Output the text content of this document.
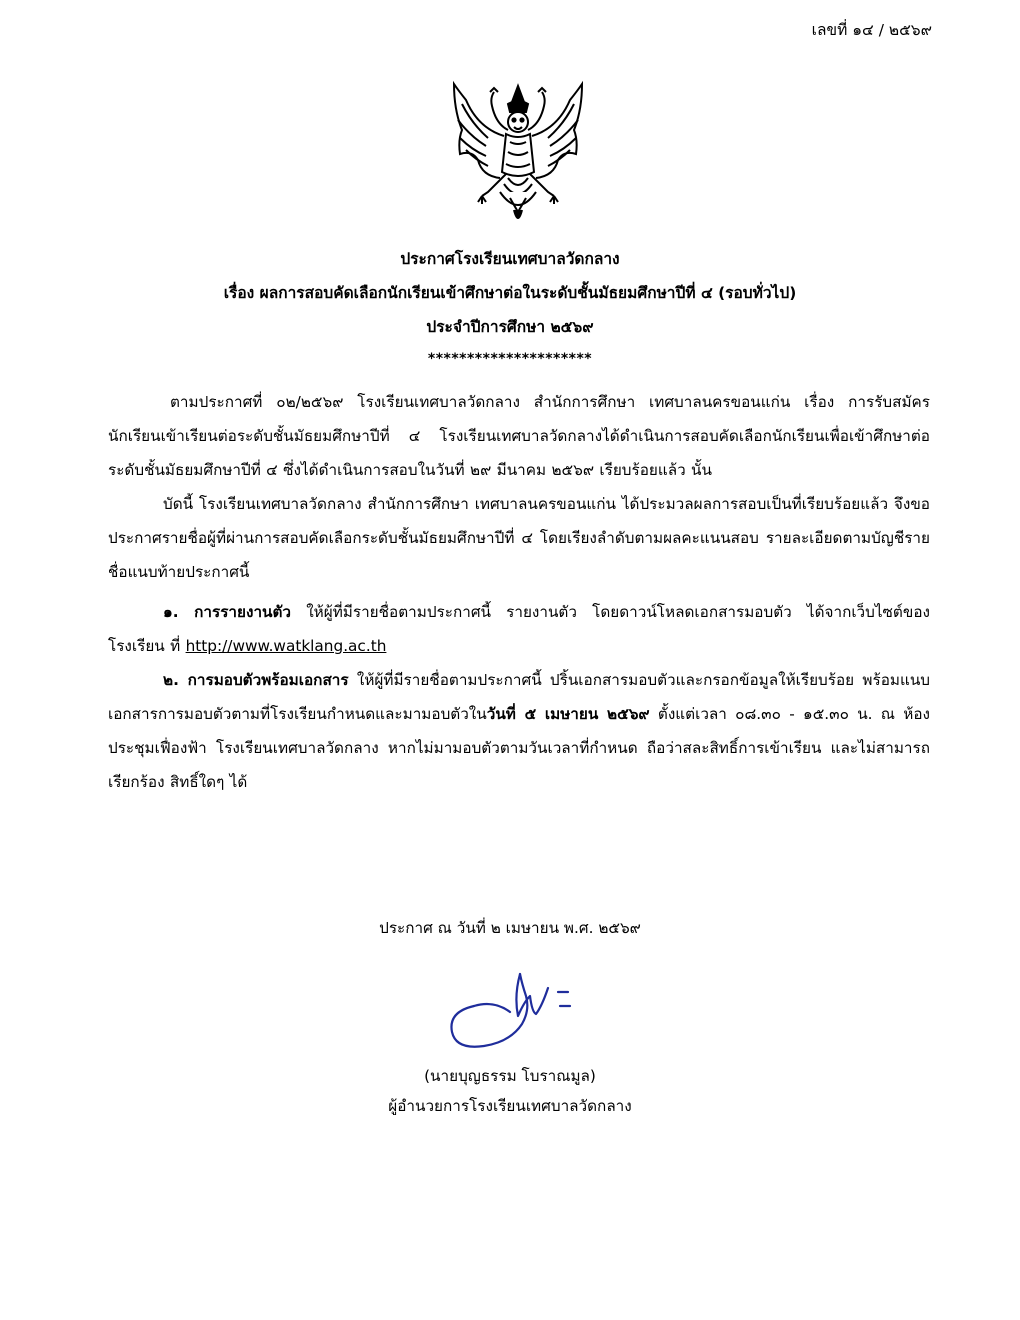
เลขที่ ๑๔ / ๒๕๖๙
ประกาศโรงเรียนเทศบาลวัดกลาง
เรื่อง ผลการสอบคัดเลือกนักเรียนเข้าศึกษาต่อในระดับชั้นมัธยมศึกษาปีที่ ๔ (รอบทั่วไป)
ประจำปีการศึกษา ๒๕๖๙
*********************

ตามประกาศที่ ๐๒/๒๕๖๙ โรงเรียนเทศบาลวัดกลาง สำนักการศึกษา เทศบาลนครขอนแก่น เรื่อง การรับสมัครนักเรียนเข้าเรียนต่อระดับชั้นมัธยมศึกษาปีที่ ๔ โรงเรียนเทศบาลวัดกลางได้ดำเนินการสอบคัดเลือกนักเรียนเพื่อเข้าศึกษาต่อระดับชั้นมัธยมศึกษาปีที่ ๔ ซึ่งได้ดำเนินการสอบในวันที่ ๒๙ มีนาคม ๒๕๖๙ เรียบร้อยแล้ว นั้น

บัดนี้ โรงเรียนเทศบาลวัดกลาง สำนักการศึกษา เทศบาลนครขอนแก่น ได้ประมวลผลการสอบเป็นที่เรียบร้อยแล้ว จึงขอประกาศรายชื่อผู้ที่ผ่านการสอบคัดเลือกระดับชั้นมัธยมศึกษาปีที่ ๔ โดยเรียงลำดับตามผลคะแนนสอบ รายละเอียดตามบัญชีรายชื่อแนบท้ายประกาศนี้

๑. การรายงานตัว ให้ผู้ที่มีรายชื่อตามประกาศนี้ รายงานตัว โดยดาวน์โหลดเอกสารมอบตัว ได้จากเว็บไซต์ของโรงเรียน ที่ http://www.watklang.ac.th

๒. การมอบตัวพร้อมเอกสาร ให้ผู้ที่มีรายชื่อตามประกาศนี้ ปริ้นเอกสารมอบตัวและกรอกข้อมูลให้เรียบร้อย พร้อมแนบเอกสารการมอบตัวตามที่โรงเรียนกำหนดและมามอบตัวในวันที่ ๕ เมษายน ๒๕๖๙ ตั้งแต่เวลา ๐๘.๓๐ - ๑๕.๓๐ น. ณ ห้องประชุมเฟื่องฟ้า โรงเรียนเทศบาลวัดกลาง หากไม่มามอบตัวตามวันเวลาที่กำหนด ถือว่าสละสิทธิ์การเข้าเรียน และไม่สามารถเรียกร้อง สิทธิ์ใดๆ ได้

ประกาศ ณ วันที่ ๒ เมษายน พ.ศ. ๒๕๖๙
(นายบุญธรรม โบราณมูล)
ผู้อำนวยการโรงเรียนเทศบาลวัดกลาง
